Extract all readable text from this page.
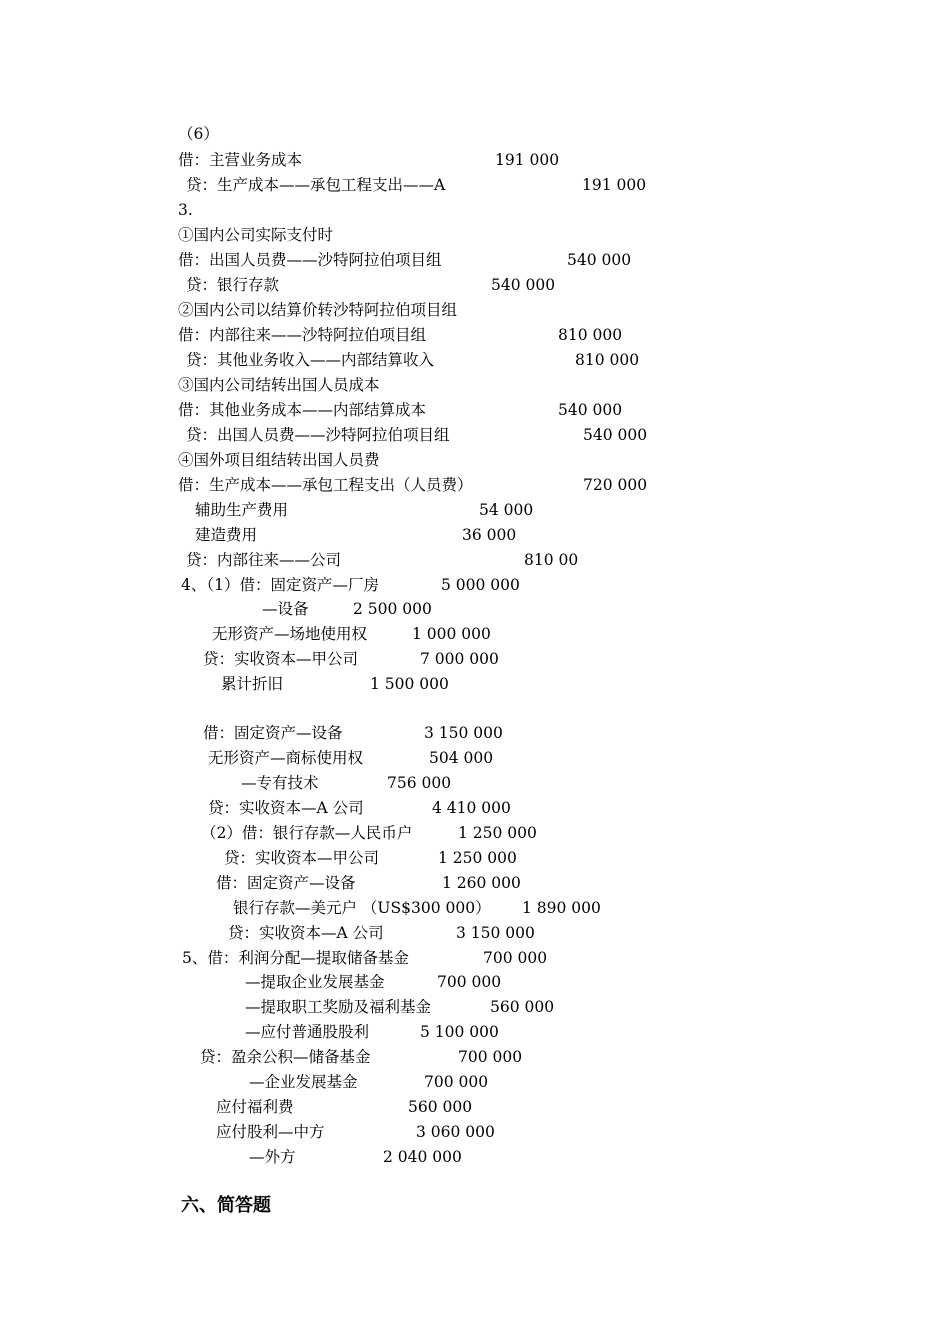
（6）
借：主营业务成本	191 000
贷：生产成本——承包工程支出——A	191 000
3.
①国内公司实际支付时
借：出国人员费——沙特阿拉伯项目组	540 000
贷：银行存款	540 000
②国内公司以结算价转沙特阿拉伯项目组
借：内部往来——沙特阿拉伯项目组	810 000
贷：其他业务收入——内部结算收入	810 000
③国内公司结转出国人员成本
借：其他业务成本——内部结算成本	540 000
贷：出国人员费——沙特阿拉伯项目组	540 000
④国外项目组结转出国人员费
借：生产成本——承包工程支出（人员费）	720 000
辅助生产费用	54 000
建造费用	36 000
贷：内部往来——公司	810 00
4、（1）借：固定资产—厂房	5 000 000
—设备	2 500 000
无形资产—场地使用权	1 000 000
贷：实收资本—甲公司	7 000 000
累计折旧	1 500 000
借：固定资产—设备	3 150 000
无形资产—商标使用权	504 000
—专有技术	756 000
贷：实收资本—A 公司	4 410 000
（2）借：银行存款—人民币户	1 250 000
贷：实收资本—甲公司	1 250 000
借：固定资产—设备	1 260 000
银行存款—美元户 （US$300 000） 1 890 000
贷：实收资本—A 公司	3 150 000
5、借：利润分配—提取储备基金	700 000
—提取企业发展基金	700 000
—提取职工奖励及福利基金	560 000
—应付普通股股利	5 100 000
贷：盈余公积—储备基金	700 000
—企业发展基金	700 000
应付福利费	560 000
应付股利—中方	3 060 000
—外方	2 040 000
六、简答题
